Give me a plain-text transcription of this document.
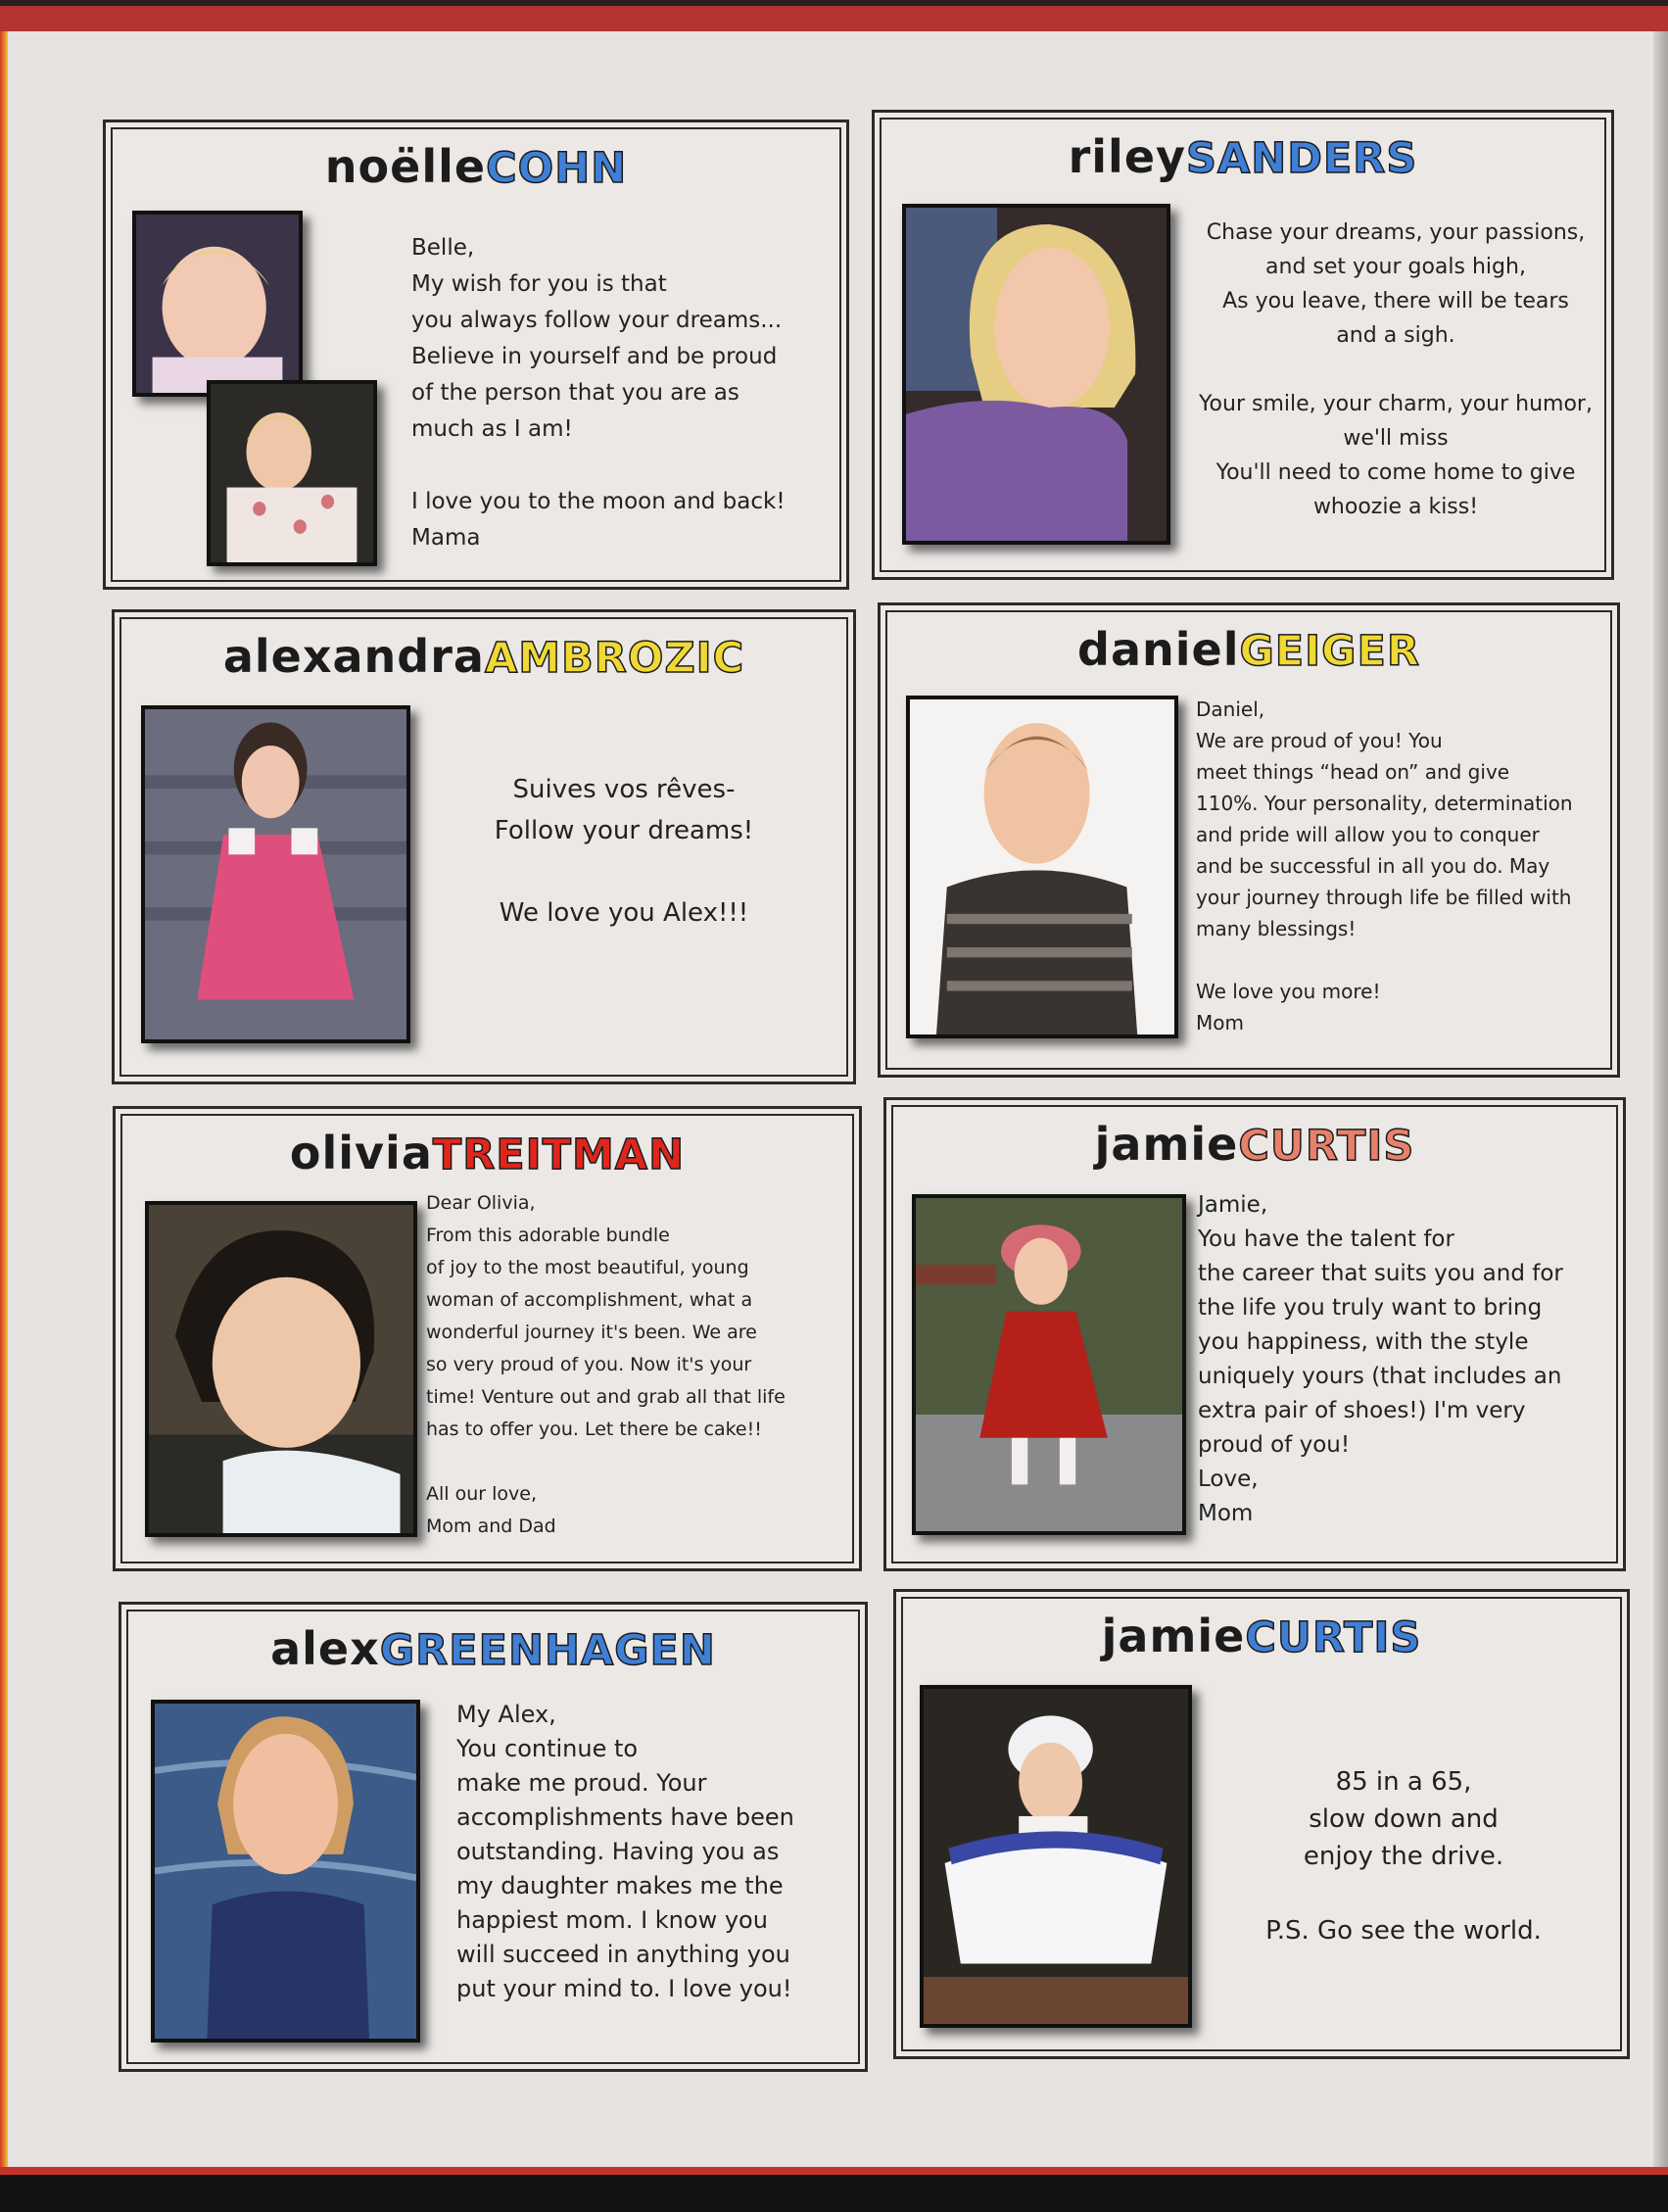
noëlleCOHN
Belle,
My wish for you is that
you always follow your dreams...
Believe in yourself and be proud
of the person that you are as
much as I am!

I love you to the moon and back!
Mama
rileySANDERS
Chase your dreams, your passions,
and set your goals high,
As you leave, there will be tears
and a sigh.

Your smile, your charm, your humor,
we'll miss
You'll need to come home to give
whoozie a kiss!
alexandraAMBROZIC
Suives vos rêves-
Follow your dreams!

We love you Alex!!!
danielGEIGER
Daniel,
We are proud of you! You
meet things “head on” and give
110%. Your personality, determination
and pride will allow you to conquer
and be successful in all you do. May
your journey through life be filled with
many blessings!

We love you more!
Mom
oliviaTREITMAN
Dear Olivia,
From this adorable bundle
of joy to the most beautiful, young
woman of accomplishment, what a
wonderful journey it's been. We are
so very proud of you. Now it's your
time! Venture out and grab all that life
has to offer you. Let there be cake!!

All our love,
Mom and Dad
jamieCURTIS
Jamie,
You have the talent for
the career that suits you and for
the life you truly want to bring
you happiness, with the style
uniquely yours (that includes an
extra pair of shoes!) I'm very
proud of you!
Love,
Mom
alexGREENHAGEN
My Alex,
You continue to
make me proud. Your
accomplishments have been
outstanding. Having you as
my daughter makes me the
happiest mom. I know you
will succeed in anything you
put your mind to. I love you!
jamieCURTIS
85 in a 65,
slow down and
enjoy the drive.

P.S. Go see the world.
